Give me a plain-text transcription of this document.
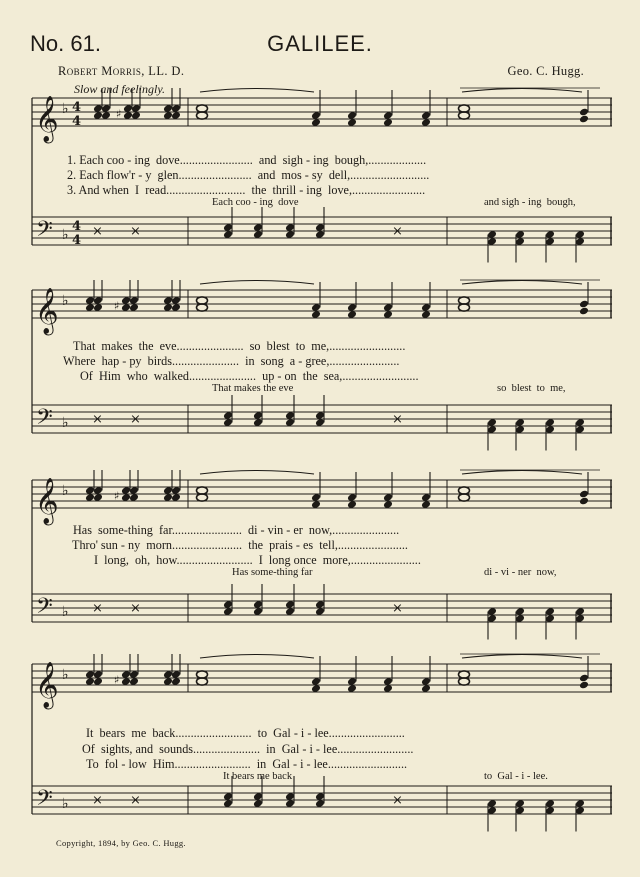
No. 61.	GALILEE.
Robert Morris, LL. D.	Geo. C. Hugg.
Slow and feelingly.
𝄞
𝄢
♭
♭
4
4
4
4
♯
× ×	×
𝄞
𝄢
♭
♭
♯
× ×	×
𝄞
𝄢
♭
♭
♯
× ×	×
𝄞
𝄢
♭
♭
♯
× ×	×
1. Each coo - ing  dove........................  and  sigh - ing  bough,...................
2. Each flow'r - y  glen........................  and  mos - sy  dell,..........................
3. And when  I  read..........................  the  thrill - ing  love,........................
Each coo - ing  dove	and sigh - ing  bough,
That  makes  the  eve......................  so  blest  to  me,.........................
Where  hap - py  birds......................  in  song  a - gree,.......................
Of  Him  who  walked......................  up - on  the  sea,.........................
That makes the eve	so  blest  to  me,
Has  some-thing  far.......................  di - vin - er  now,......................
Thro' sun - ny  morn.......................  the  prais - es  tell,.......................
I  long,  oh,  how.........................  I  long once  more,.......................
Has some-thing far	di - vi - ner  now,
It  bears  me  back.........................  to  Gal - i - lee.........................
Of  sights, and  sounds......................  in  Gal - i - lee.........................
To  fol - low  Him.........................  in  Gal - i - lee..........................
It bears me back	to  Gal - i - lee.
Copyright, 1894, by Geo. C. Hugg.
